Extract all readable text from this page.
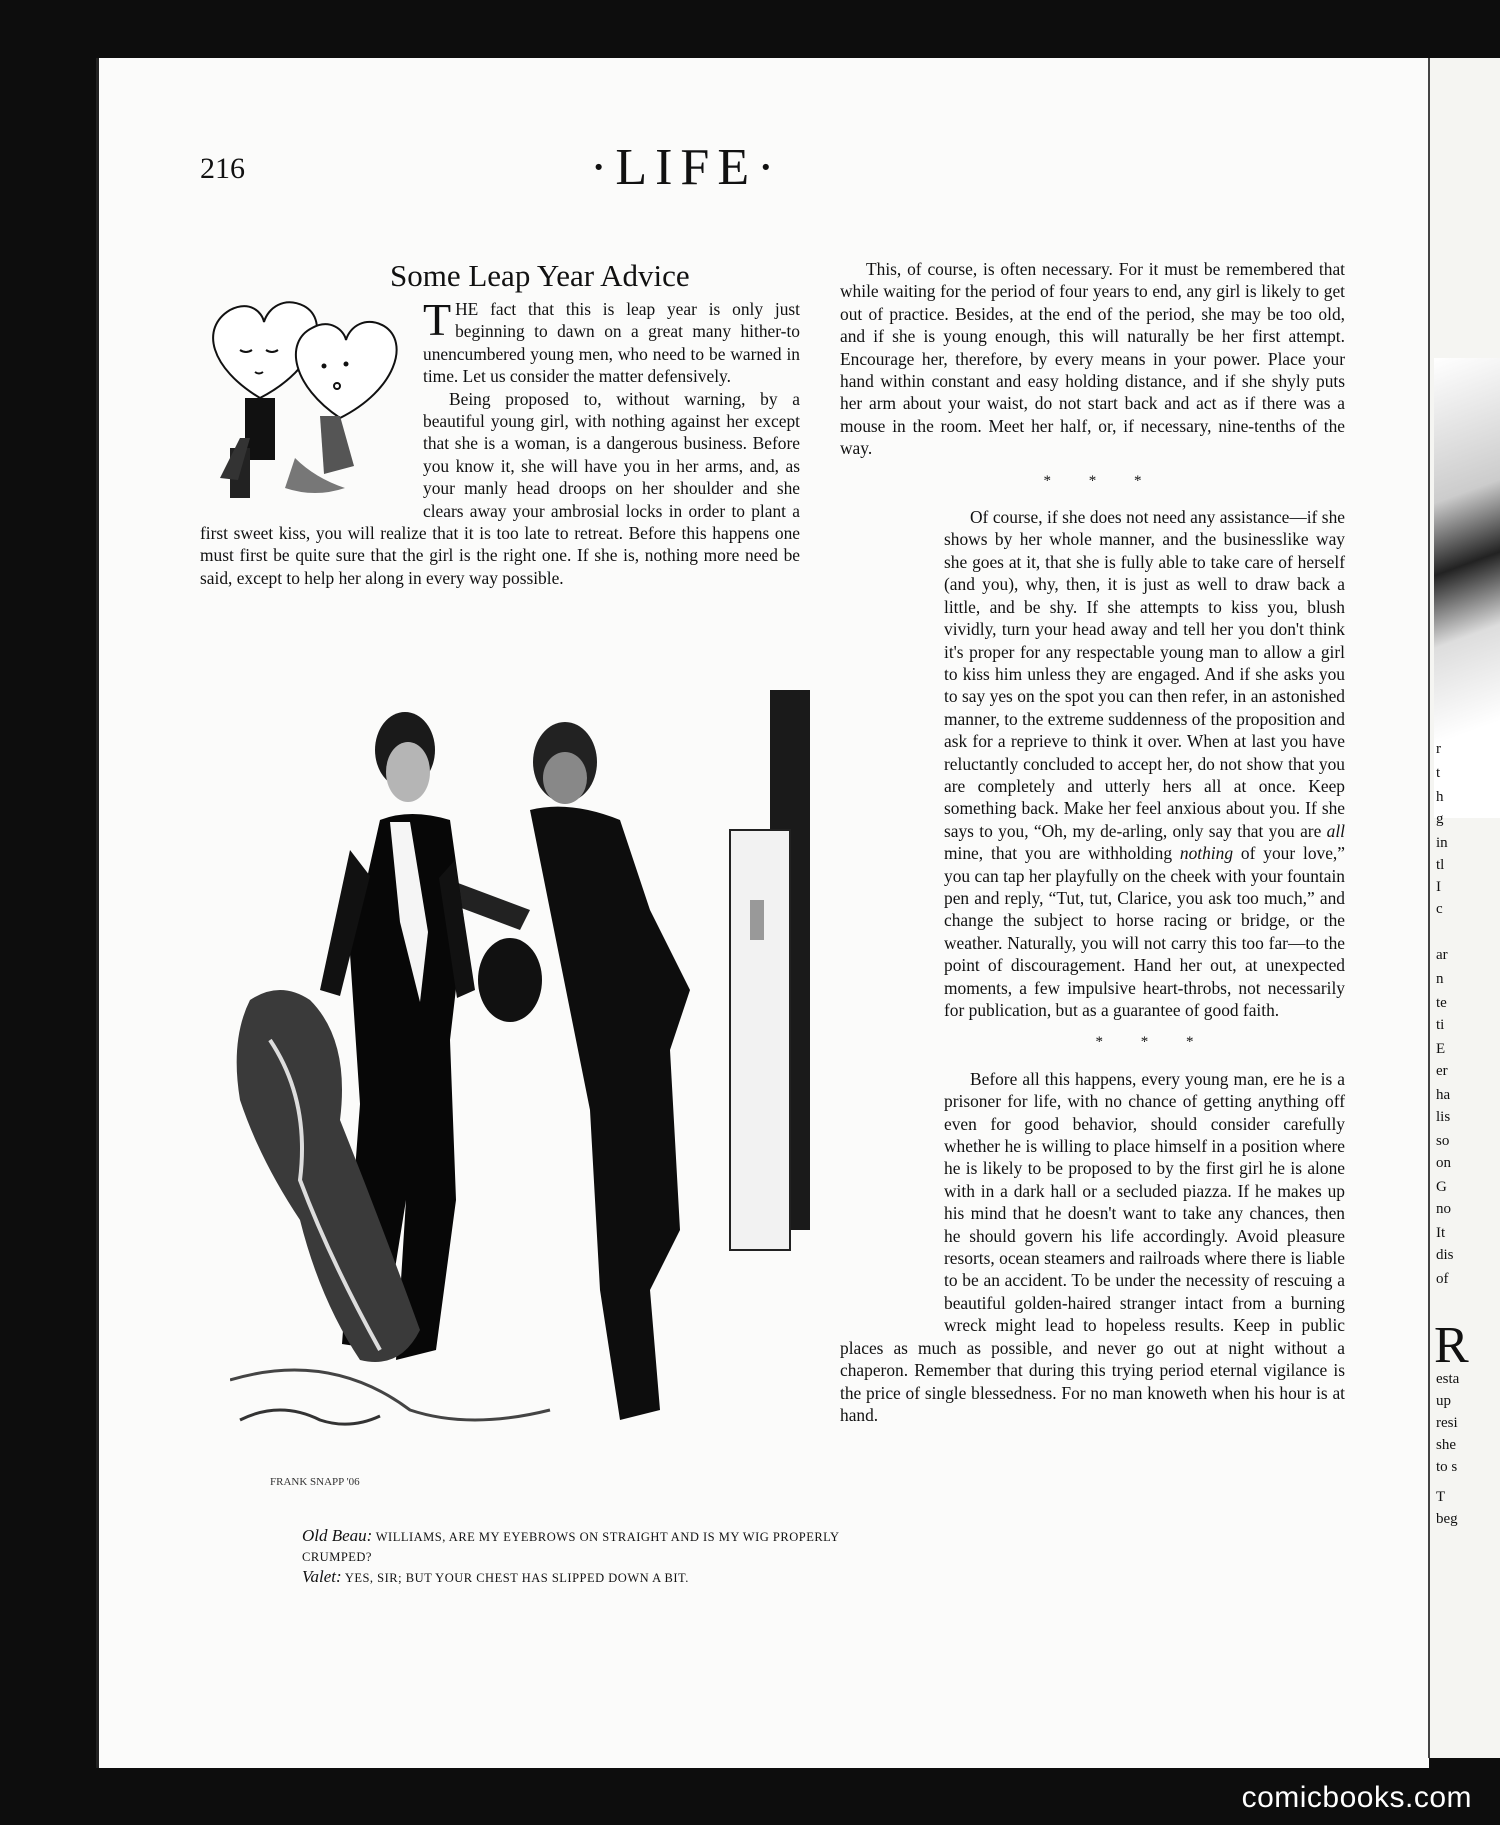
r
t
h
g
in
tl
I
c
ar
n
te
ti
E
er
ha
lis
so
on
G
no
It
dis
of
R
esta
up
resi
she
to s
T
beg
216	·LIFE·
Some Leap Year Advice

THE fact that this is leap year is only just beginning to dawn on a great many hither-to unencumbered young men, who need to be warned in time. Let us consider the matter defensively.

Being proposed to, without warning, by a beautiful young girl, with nothing against her except that she is a woman, is a dangerous business. Before you know it, she will have you in her arms, and, as your manly head droops on her shoulder and she clears away your ambrosial locks in order to plant a first sweet kiss, you will realize that it is too late to retreat. Before this happens one must first be quite sure that the girl is the right one. If she is, nothing more need be said, except to help her along in every way possible.

This, of course, is often necessary. For it must be remembered that while waiting for the period of four years to end, any girl is likely to get out of practice. Besides, at the end of the period, she may be too old, and if she is young enough, this will naturally be her first attempt. Encourage her, therefore, by every means in your power. Place your hand within constant and easy holding distance, and if she shyly puts her arm about your waist, do not start back and act as if there was a mouse in the room. Meet her half, or, if necessary, nine-tenths of the way.

* * *

Of course, if she does not need any assistance—if she shows by her whole manner, and the businesslike way she goes at it, that she is fully able to take care of herself (and you), why, then, it is just as well to draw back a little, and be shy. If she attempts to kiss you, blush vividly, turn your head away and tell her you don't think it's proper for any respectable young man to allow a girl to kiss him unless they are engaged. And if she asks you to say yes on the spot you can then refer, in an astonished manner, to the extreme suddenness of the proposition and ask for a reprieve to think it over. When at last you have reluctantly concluded to accept her, do not show that you are completely and utterly hers all at once. Keep something back. Make her feel anxious about you. If she says to you, “Oh, my de-arling, only say that you are all mine, that you are withholding nothing of your love,” you can tap her playfully on the cheek with your fountain pen and reply, “Tut, tut, Clarice, you ask too much,” and change the subject to horse racing or bridge, or the weather. Naturally, you will not carry this too far—to the point of discouragement. Hand her out, at unexpected moments, a few impulsive heart-throbs, not necessarily for publication, but as a guarantee of good faith.

* * *

Before all this happens, every young man, ere he is a prisoner for life, with no chance of getting anything off even for good behavior, should consider carefully whether he is willing to place himself in a position where he is likely to be proposed to by the first girl he is alone with in a dark hall or a secluded piazza. If he makes up his mind that he doesn't want to take any chances, then he should govern his life accordingly. Avoid pleasure resorts, ocean steamers and railroads where there is liable to be an accident. To be under the necessity of rescuing a beautiful golden-haired stranger intact from a burning wreck might lead to hopeless results. Keep in public places as much as possible, and never go out at night without a chaperon. Remember that during this trying period eternal vigilance is the price of single blessedness. For no man knoweth when his hour is at hand.

FRANK SNAPP '06

Old Beau: WILLIAMS, ARE MY EYEBROWS ON STRAIGHT AND IS MY WIG PROPERLY CRUMPED?

Valet: YES, SIR; BUT YOUR CHEST HAS SLIPPED DOWN A BIT.

comicbooks.com
